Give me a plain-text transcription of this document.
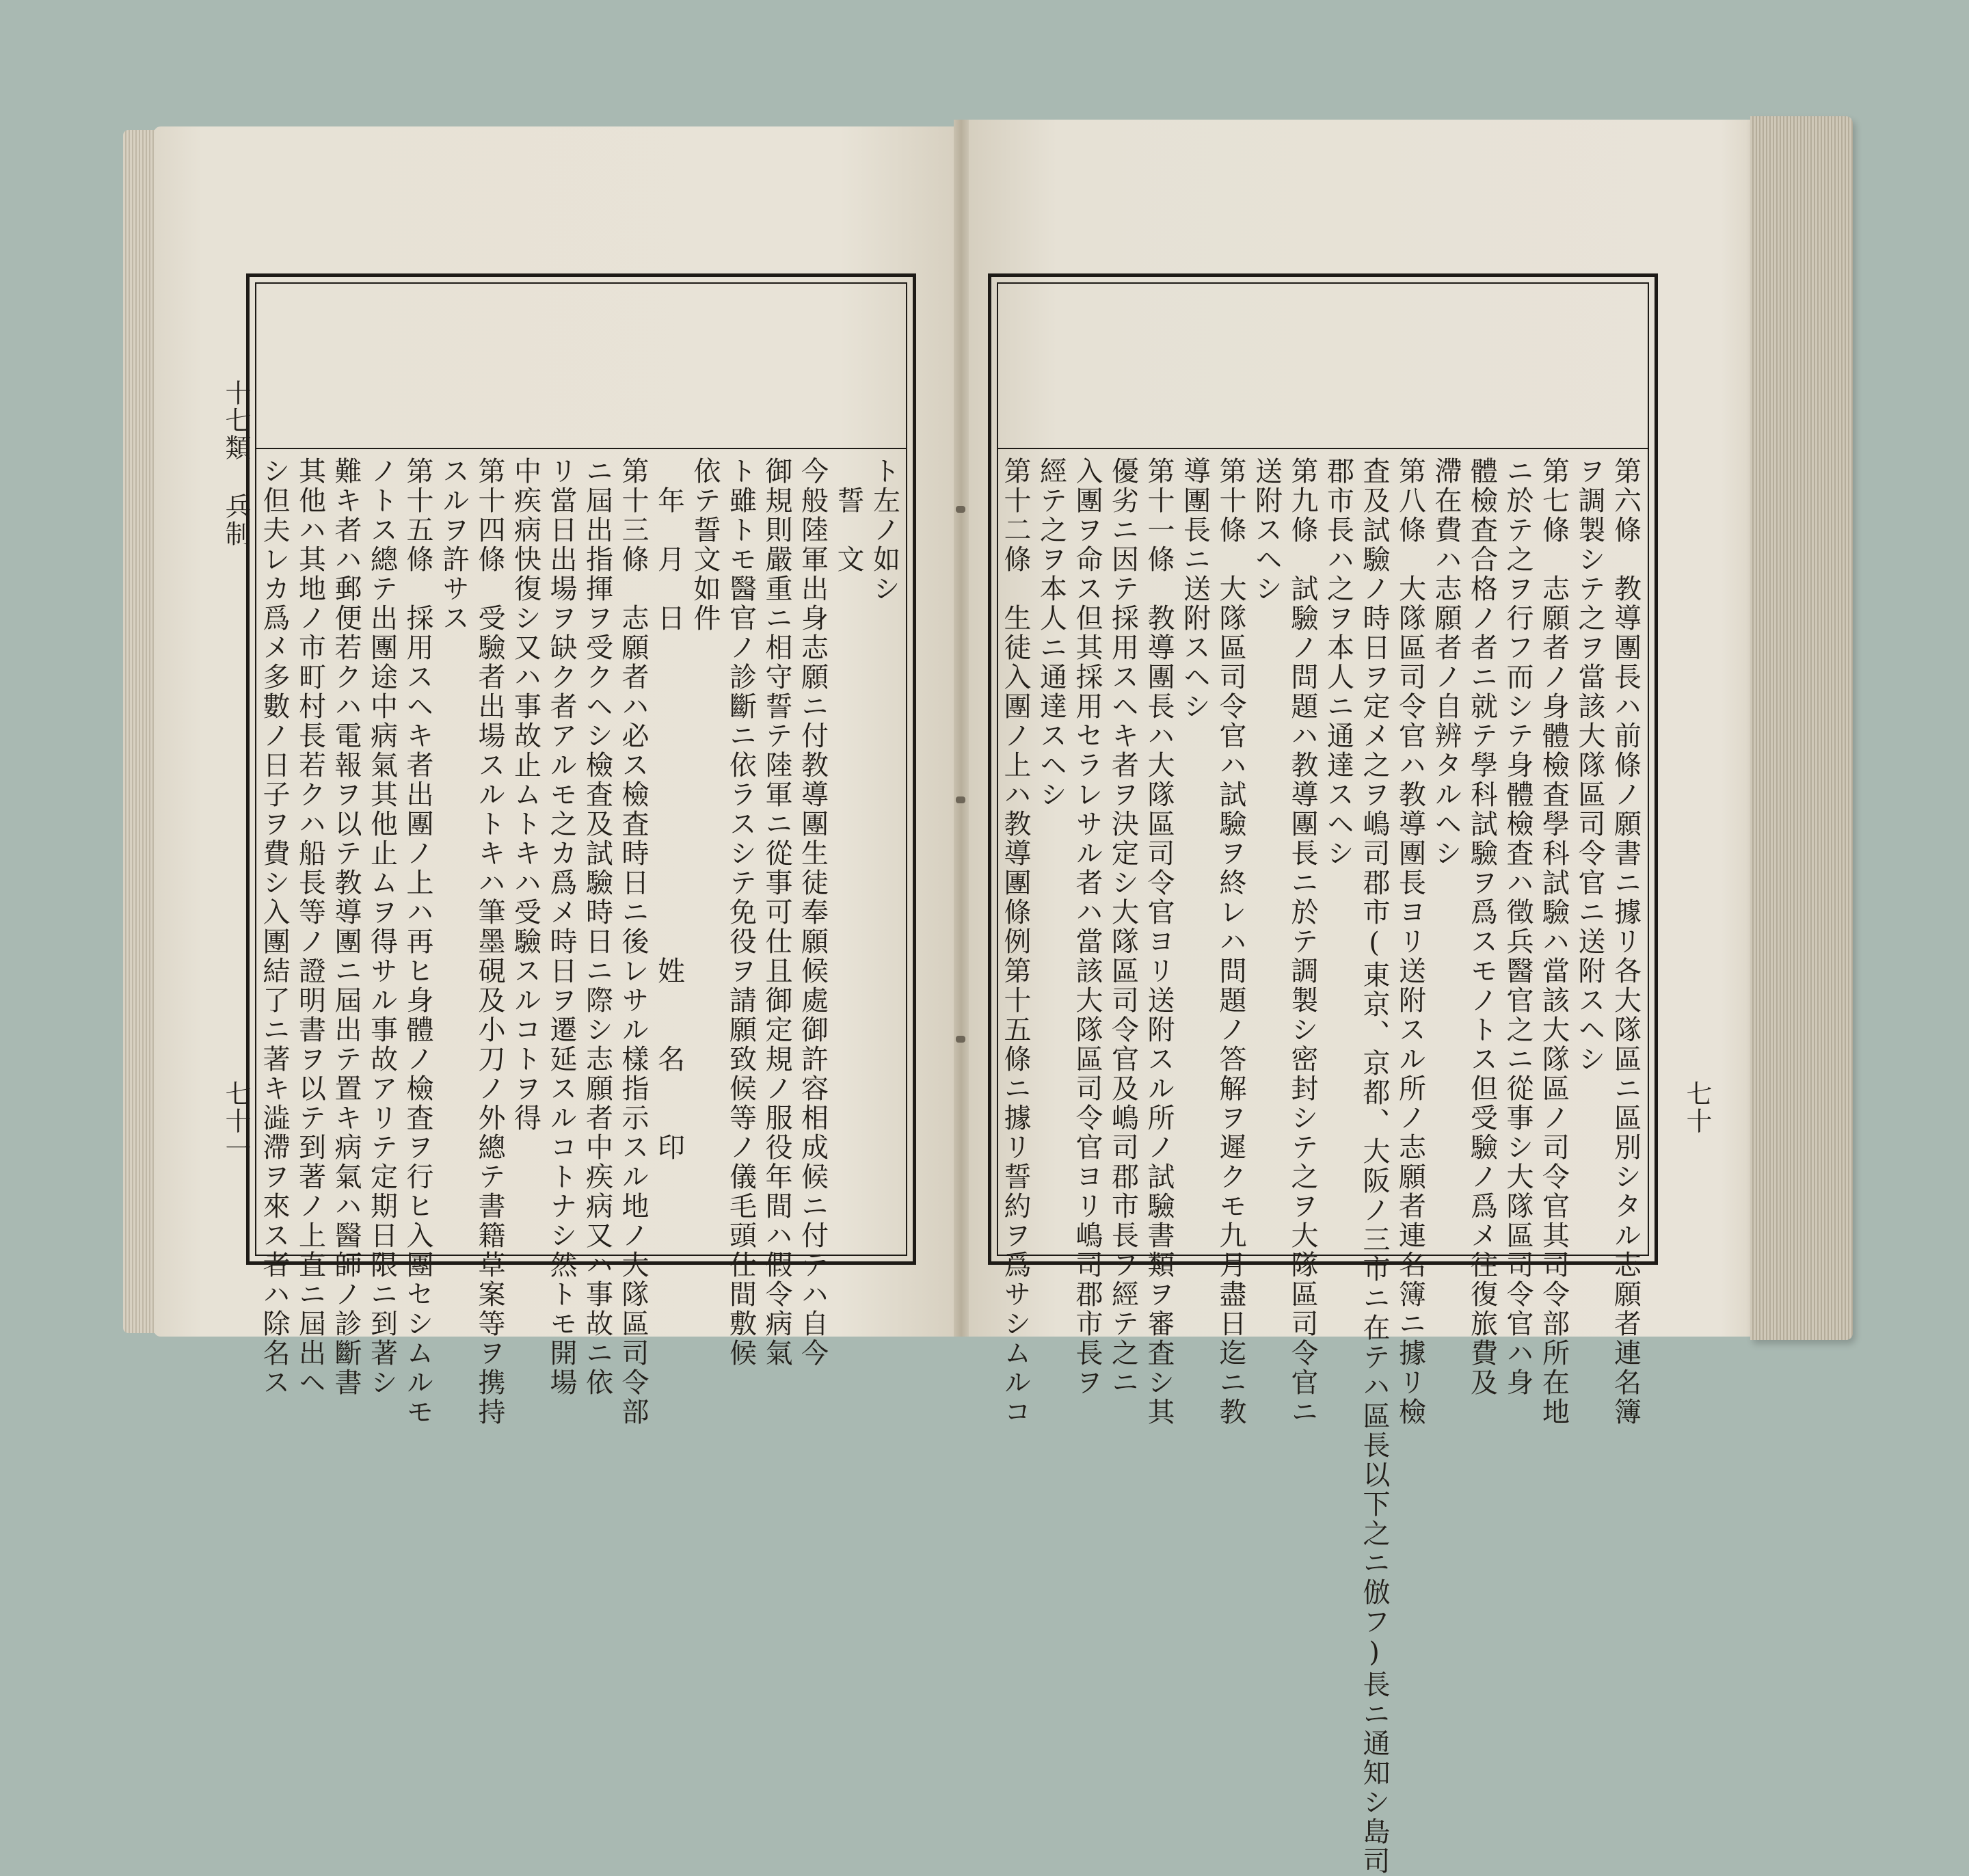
十七類 兵制
七十一
ト左ノ如シ
　誓　文
今般陸軍出身志願ニ付教導團生徒奉願候處御許容相成候ニ付テハ自今
御規則嚴重ニ相守誓テ陸軍ニ從事可仕且御定規ノ服役年間ハ假令病氣
ト雖トモ醫官ノ診斷ニ依ラスシテ免役ヲ請願致候等ノ儀毛頭仕間敷候
依テ誓文如件
　年　月　日　　　　　　　　　　　姓　　名　　印
第十三條　志願者ハ必ス檢査時日ニ後レサル樣指示スル地ノ大隊區司令部
ニ屆出指揮ヲ受クヘシ檢査及試驗時日ニ際シ志願者中疾病又ハ事故ニ依
リ當日出場ヲ缺ク者アルモ之カ爲メ時日ヲ遷延スルコトナシ然トモ開場
中疾病快復シ又ハ事故止ムトキハ受驗スルコトヲ得
第十四條　受驗者出場スルトキハ筆墨硯及小刀ノ外總テ書籍草案等ヲ携持
スルヲ許サス
第十五條　採用スヘキ者出團ノ上ハ再ヒ身體ノ檢査ヲ行ヒ入團セシムルモ
ノトス總テ出團途中病氣其他止ムヲ得サル事故アリテ定期日限ニ到著シ
難キ者ハ郵便若クハ電報ヲ以テ教導團ニ屆出テ置キ病氣ハ醫師ノ診斷書
其他ハ其地ノ市町村長若クハ船長等ノ證明書ヲ以テ到著ノ上直ニ屆出ヘ
シ但夫レカ爲メ多數ノ日子ヲ費シ入團結了ニ著キ澁滯ヲ來ス者ハ除名ス	七十
第六條　教導團長ハ前條ノ願書ニ據リ各大隊區ニ區別シタル志願者連名簿
ヲ調製シテ之ヲ當該大隊區司令官ニ送附スヘシ
第七條　志願者ノ身體檢査學科試驗ハ當該大隊區ノ司令官其司令部所在地
ニ於テ之ヲ行フ而シテ身體檢査ハ徵兵醫官之ニ從事シ大隊區司令官ハ身
體檢査合格ノ者ニ就テ學科試驗ヲ爲スモノトス但受驗ノ爲メ往復旅費及
滯在費ハ志願者ノ自辨タルヘシ
第八條　大隊區司令官ハ教導團長ヨリ送附スル所ノ志願者連名簿ニ據リ檢
査及試驗ノ時日ヲ定メ之ヲ嶋司郡市(東京、京都、大阪ノ三市ニ在テハ區長以下之ニ倣フ)長ニ通知シ島司
郡市長ハ之ヲ本人ニ通達スヘシ
第九條　試驗ノ問題ハ教導團長ニ於テ調製シ密封シテ之ヲ大隊區司令官ニ
送附スヘシ
第十條　大隊區司令官ハ試驗ヲ終レハ問題ノ答解ヲ遲クモ九月盡日迄ニ教
導團長ニ送附スヘシ
第十一條　教導團長ハ大隊區司令官ヨリ送附スル所ノ試驗書類ヲ審査シ其
優劣ニ因テ採用スヘキ者ヲ決定シ大隊區司令官及嶋司郡市長ヲ經テ之ニ
入團ヲ命ス但其採用セラレサル者ハ當該大隊區司令官ヨリ嶋司郡市長ヲ
經テ之ヲ本人ニ通達スヘシ
第十二條　生徒入團ノ上ハ教導團條例第十五條ニ據リ誓約ヲ爲サシムルコ
